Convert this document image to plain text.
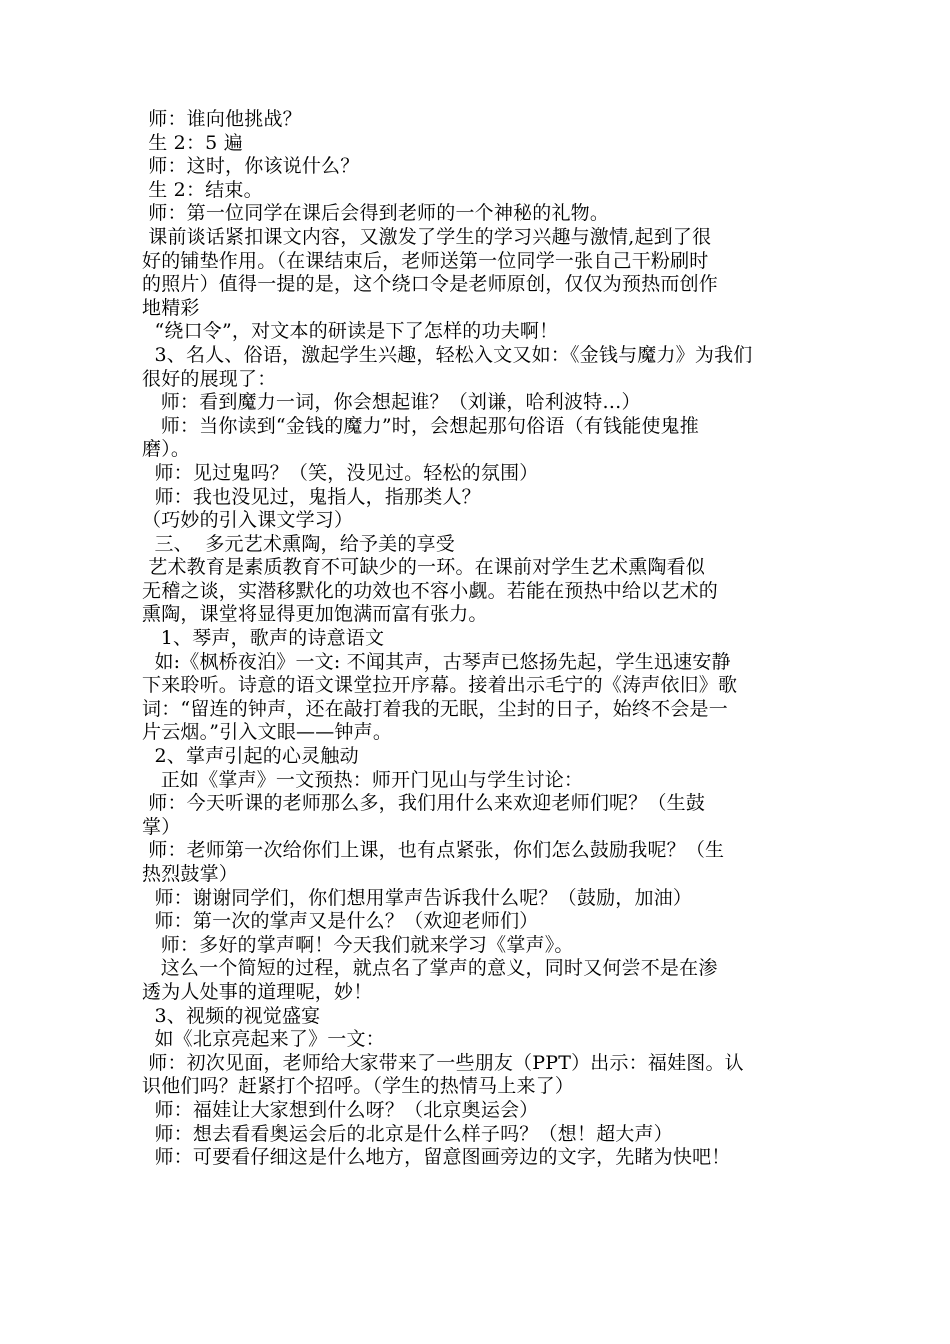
师：谁向他挑战？
生 2：5 遍
师：这时，你该说什么？
生 2：结束。
师：第一位同学在课后会得到老师的一个神秘的礼物。
课前谈话紧扣课文内容，又激发了学生的学习兴趣与激情,起到了很
好的铺垫作用。（在课结束后，老师送第一位同学一张自己干粉刷时
的照片）值得一提的是，这个绕口令是老师原创，仅仅为预热而创作
地精彩
“绕口令”，对文本的研读是下了怎样的功夫啊！
3、名人、俗语，激起学生兴趣，轻松入文又如：《金钱与魔力》为我们
很好的展现了：
师：看到魔力一词，你会想起谁？（刘谦，哈利波特…）
师：当你读到“金钱的魔力”时，会想起那句俗语（有钱能使鬼推
磨）。
师：见过鬼吗？（笑，没见过。轻松的氛围）
师：我也没见过，鬼指人，指那类人？
（巧妙的引入课文学习）
三、  多元艺术熏陶，给予美的享受
艺术教育是素质教育不可缺少的一环。在课前对学生艺术熏陶看似
无稽之谈，实潜移默化的功效也不容小觑。若能在预热中给以艺术的
熏陶，课堂将显得更加饱满而富有张力。
1、琴声，歌声的诗意语文
如:《枫桥夜泊》一文: 不闻其声，古琴声已悠扬先起，学生迅速安静
下来聆听。诗意的语文课堂拉开序幕。接着出示毛宁的《涛声依旧》歌
词：“留连的钟声，还在敲打着我的无眠，尘封的日子，始终不会是一
片云烟。”引入文眼——钟声。
2、掌声引起的心灵触动
正如《掌声》一文预热：师开门见山与学生讨论：
师：今天听课的老师那么多，我们用什么来欢迎老师们呢？（生鼓
掌）
师：老师第一次给你们上课，也有点紧张，你们怎么鼓励我呢？（生
热烈鼓掌）
师：谢谢同学们，你们想用掌声告诉我什么呢？（鼓励，加油）
师：第一次的掌声又是什么？（欢迎老师们）
师：多好的掌声啊！今天我们就来学习《掌声》。
这么一个简短的过程，就点名了掌声的意义，同时又何尝不是在渗
透为人处事的道理呢，妙！
3、视频的视觉盛宴
如《北京亮起来了》一文：
师：初次见面，老师给大家带来了一些朋友（PPT）出示：福娃图。认
识他们吗？赶紧打个招呼。（学生的热情马上来了）
师：福娃让大家想到什么呀？（北京奥运会）
师：想去看看奥运会后的北京是什么样子吗？（想！超大声）
师：可要看仔细这是什么地方，留意图画旁边的文字，先睹为快吧！
